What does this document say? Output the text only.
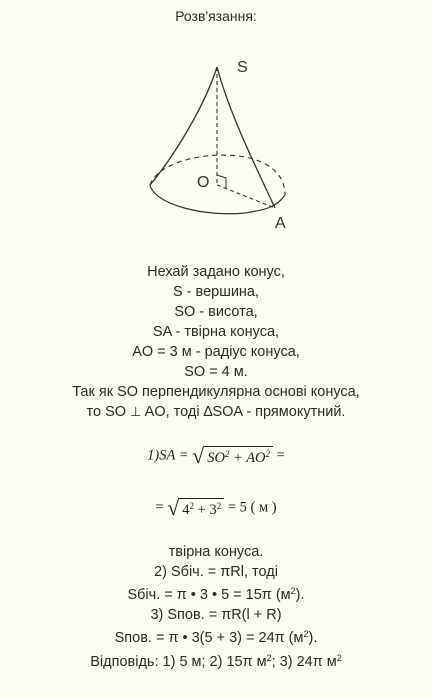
Розв'язання:
S
O
A
Нехай задано конус,
S - вершина,
SO - висота,
SA - твірна конуса,
AO = 3 м - радіус конуса,
SO = 4 м.
Так як SO перпендикулярна основі конуса,
то SO ⊥ AO, тоді ∆SOA - прямокутний.
1)SA = √ $SO^2 + AO^2$ =
= √ $4^2 + 3^2 = 5$ ( м )
твірна конуса.
2) Sбіч. = πRl, тоді
Sбіч. = π • 3 • 5 = 15π $(м^2)$.
3) Sпов. = πR(l + R)
Sпов. = π • 3(5 + 3) = 24π $(м^2)$.
Відповідь: 1) 5 м; 2) 15π $м^2$; 3) 24π $м^2$
